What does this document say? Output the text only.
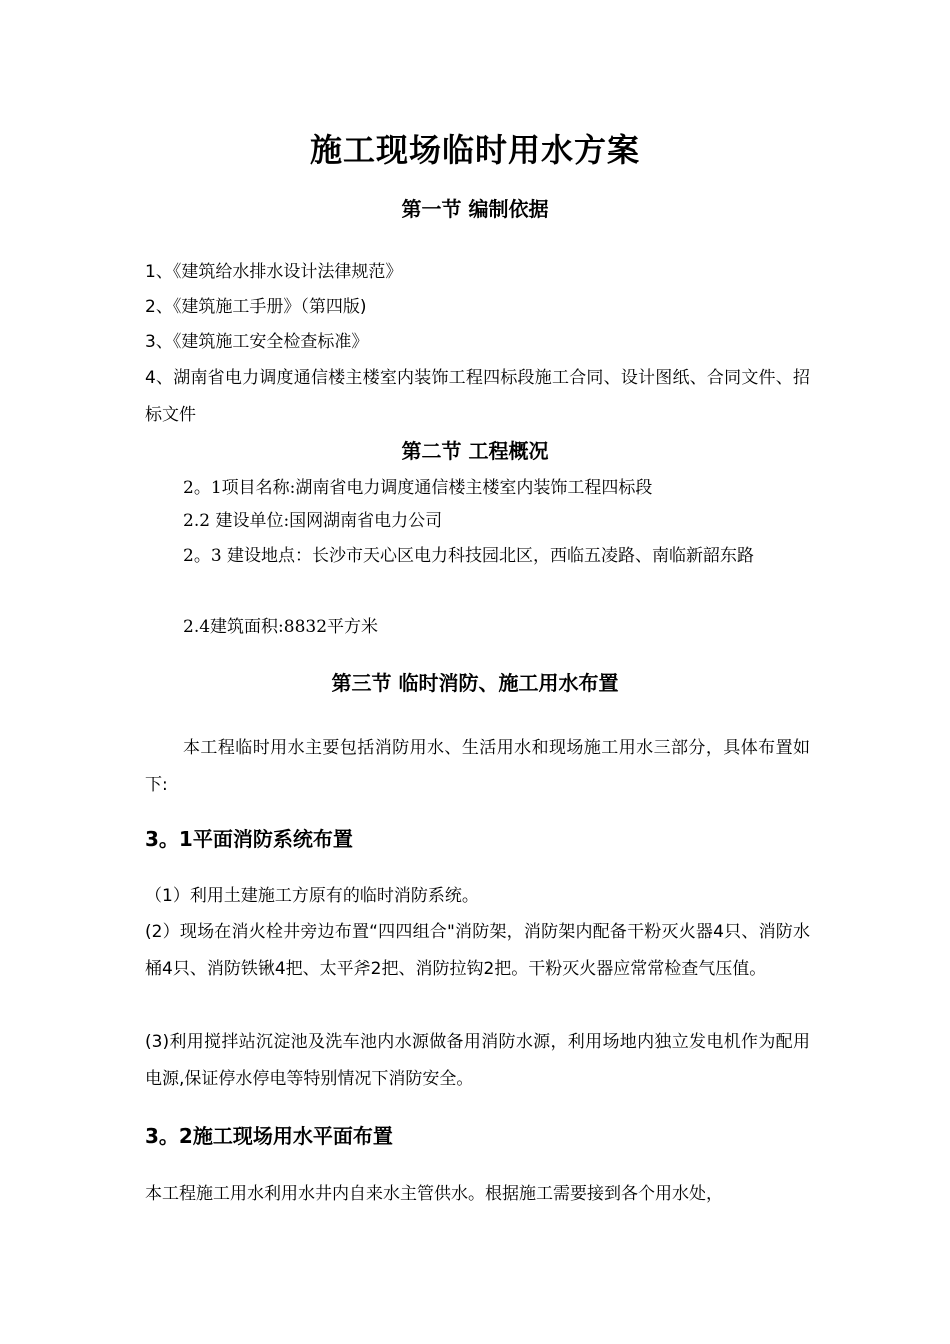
施工现场临时用水方案
第一节 编制依据
1、《建筑给水排水设计法律规范》
2、《建筑施工手册》（第四版)
3、《建筑施工安全检查标准》
4、湖南省电力调度通信楼主楼室内装饰工程四标段施工合同、设计图纸、合同文件、招标文件
第二节 工程概况
2。1项目名称:湖南省电力调度通信楼主楼室内装饰工程四标段
2.2 建设单位:国网湖南省电力公司
2。3 建设地点：长沙市天心区电力科技园北区，西临五凌路、南临新韶东路
2.4建筑面积:8832平方米
第三节 临时消防、施工用水布置
本工程临时用水主要包括消防用水、生活用水和现场施工用水三部分，具体布置如下:
3。1平面消防系统布置
（1）利用土建施工方原有的临时消防系统。
(2）现场在消火栓井旁边布置“四四组合"消防架，消防架内配备干粉灭火器4只、消防水桶4只、消防铁锹4把、太平斧2把、消防拉钩2把。干粉灭火器应常常检查气压值。
(3)利用搅拌站沉淀池及洗车池内水源做备用消防水源，利用场地内独立发电机作为配用电源,保证停水停电等特别情况下消防安全。
3。2施工现场用水平面布置
本工程施工用水利用水井内自来水主管供水。根据施工需要接到各个用水处，
